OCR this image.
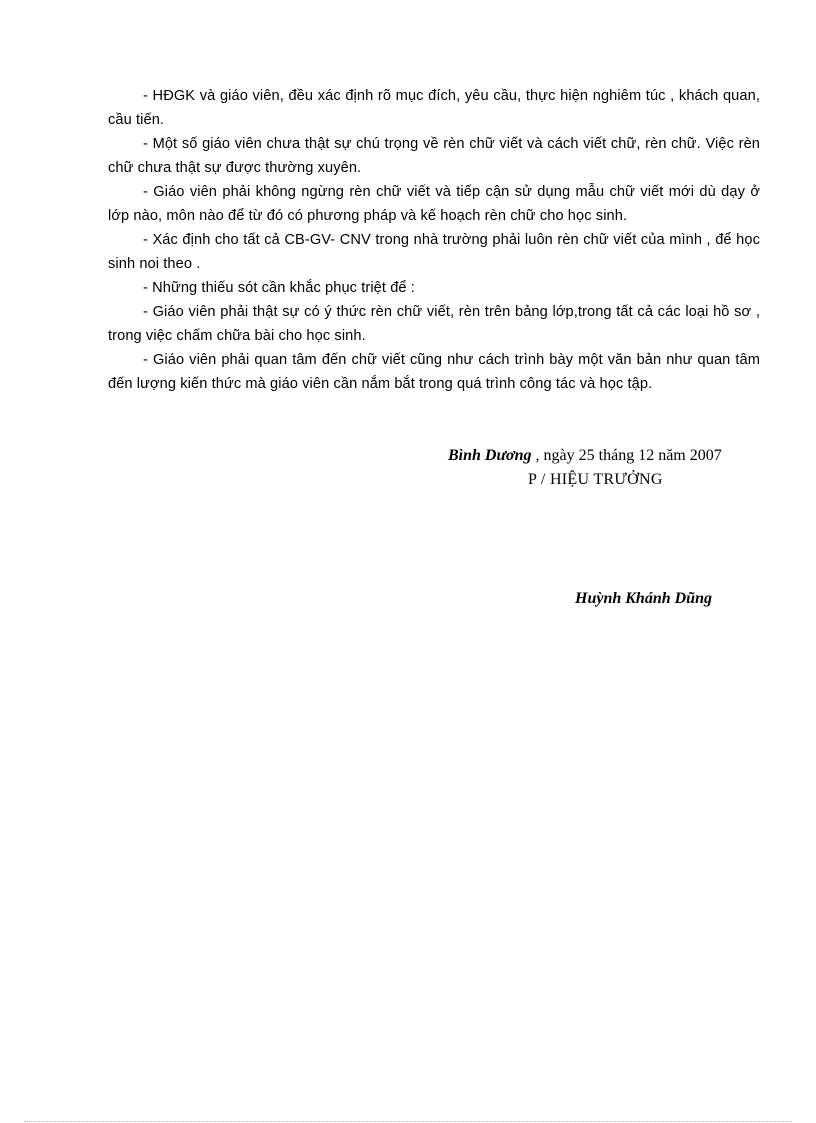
- HĐGK và giáo viên, đều xác định rõ mục đích, yêu cầu, thực hiện nghiêm túc , khách quan, cầu tiến.

- Một số giáo viên chưa thật sự chú trọng về rèn chữ viết và cách viết chữ, rèn chữ. Việc rèn chữ chưa thật sự được thường xuyên.

- Giáo viên phải không ngừng rèn chữ viết và tiếp cận sử dụng mẫu chữ viết mới dù dạy ở lớp nào, môn nào để từ đó có phương pháp và kế hoạch rèn chữ cho học sinh.

- Xác định cho tất cả CB-GV- CNV trong nhà trường phải luôn rèn chữ viết của mình , để học sinh noi theo .

- Những thiếu sót cần khắc phục triệt để :

- Giáo viên phải thật sự có ý thức rèn chữ viết, rèn trên bảng lớp,trong tất cả các loại hồ sơ , trong việc chấm chữa bài cho học sinh.

- Giáo viên phải quan tâm đến chữ viết cũng như cách trình bày một văn bản như quan tâm đến lượng kiến thức mà giáo viên cần nắm bắt trong quá trình công tác và học tập.

Bình Dương , ngày 25 tháng 12 năm 2007
P / HIỆU TRƯỞNG
Huỳnh Khánh Dũng
